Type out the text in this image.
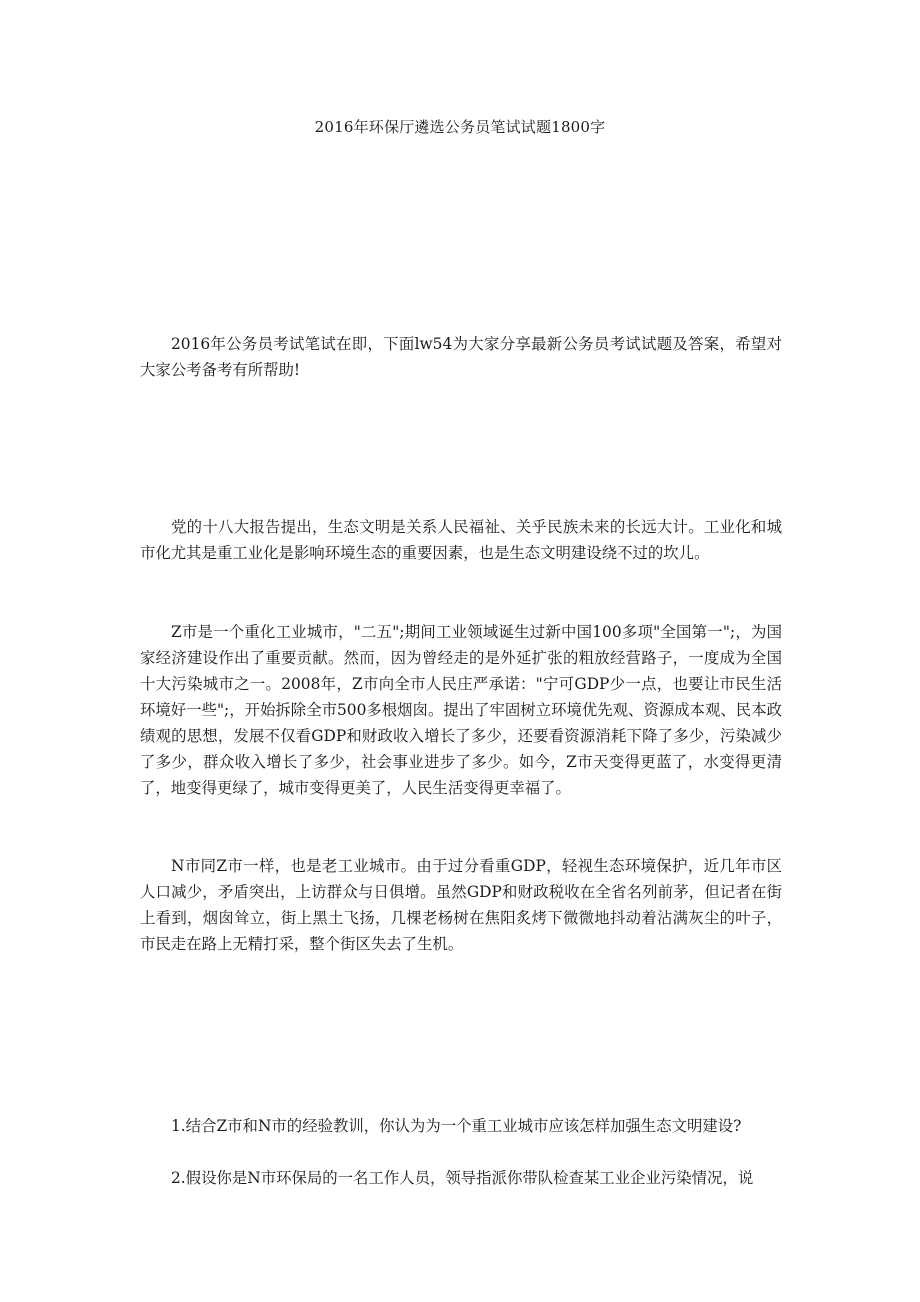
2016年环保厅遴选公务员笔试试题1800字

2016年公务员考试笔试在即，下面lw54为大家分享最新公务员考试试题及答案，希望对大家公考备考有所帮助!

党的十八大报告提出，生态文明是关系人民福祉、关乎民族未来的长远大计。工业化和城市化尤其是重工业化是影响环境生态的重要因素，也是生态文明建设绕不过的坎儿。

Z市是一个重化工业城市，"二五";期间工业领域诞生过新中国100多项"全国第一";，为国家经济建设作出了重要贡献。然而，因为曾经走的是外延扩张的粗放经营路子，一度成为全国十大污染城市之一。2008年，Z市向全市人民庄严承诺："宁可GDP少一点，也要让市民生活环境好一些";，开始拆除全市500多根烟囱。提出了牢固树立环境优先观、资源成本观、民本政绩观的思想，发展不仅看GDP和财政收入增长了多少，还要看资源消耗下降了多少，污染减少了多少，群众收入增长了多少，社会事业进步了多少。如今，Z市天变得更蓝了，水变得更清了，地变得更绿了，城市变得更美了，人民生活变得更幸福了。

N市同Z市一样，也是老工业城市。由于过分看重GDP，轻视生态环境保护，近几年市区人口减少，矛盾突出，上访群众与日俱增。虽然GDP和财政税收在全省名列前茅，但记者在街上看到，烟囱耸立，街上黑土飞扬，几棵老杨树在焦阳炙烤下微微地抖动着沾满灰尘的叶子，市民走在路上无精打采，整个街区失去了生机。

1.结合Z市和N市的经验教训，你认为为一个重工业城市应该怎样加强生态文明建设?

2.假设你是N市环保局的一名工作人员，领导指派你带队检查某工业企业污染情况，说
